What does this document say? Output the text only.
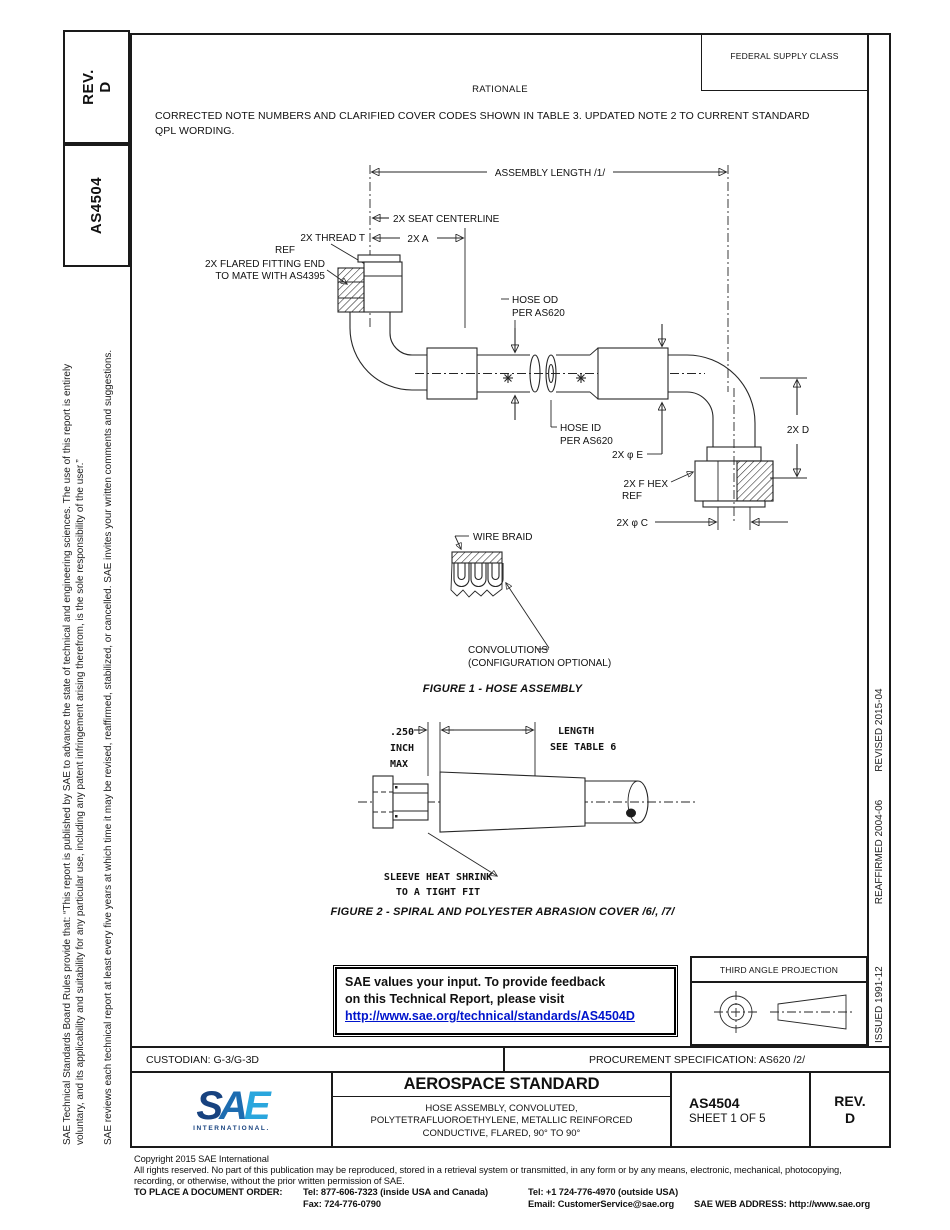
REV.
D
AS4504
SAE Technical Standards Board Rules provide that: “This report is published by SAE to advance the state of technical and engineering sciences. The use of this report is entirely voluntary, and its applicability and suitability for any particular use, including any patent infringement arising therefrom, is the sole responsibility of the user.” SAE reviews each technical report at least every five years at which time it may be revised, reaffirmed, stabilized, or cancelled. SAE invites your written comments and suggestions.	ISSUED 1991-12REAFFIRMED 2004-06REVISED 2015-04
FEDERAL SUPPLY CLASS
RATIONALE
CORRECTED NOTE NUMBERS AND CLARIFIED COVER CODES SHOWN IN TABLE 3. UPDATED NOTE 2 TO CURRENT STANDARD QPL WORDING.
ASSEMBLY LENGTH /1/
2X SEAT CENTERLINE
2X A
2X THREAD T
REF
2X FLARED FITTING END
TO MATE WITH AS4395
HOSE OD
PER AS620
HOSE ID
PER AS620
2X D
2X φ E
2X F HEX
REF
2X φ C
WIRE BRAID
CONVOLUTIONS
(CONFIGURATION OPTIONAL)
FIGURE 1 - HOSE ASSEMBLY
.250
INCH
MAX
LENGTH
SEE TABLE 6
SLEEVE HEAT SHRINK
TO A TIGHT FIT
FIGURE 2 - SPIRAL AND POLYESTER ABRASION COVER /6/, /7/
SAE values your input. To provide feedback
on this Technical Report, please visit
http://www.sae.org/technical/standards/AS4504D
THIRD ANGLE PROJECTION
CUSTODIAN: G-3/G-3D	PROCUREMENT SPECIFICATION: AS620 /2/
SAE
INTERNATIONAL.
AEROSPACE STANDARD
HOSE ASSEMBLY, CONVOLUTED,
POLYTETRAFLUOROETHYLENE, METALLIC REINFORCED
CONDUCTIVE, FLARED, 90° TO 90°
AS4504
SHEET 1 OF 5
REV.
D
Copyright 2015 SAE International
All rights reserved. No part of this publication may be reproduced, stored in a retrieval system or transmitted, in any form or by any means, electronic, mechanical, photocopying,
recording, or otherwise, without the prior written permission of SAE.
TO PLACE A DOCUMENT ORDER: Tel: 877-606-7323 (inside USA and Canada)	Tel: +1 724-776-4970 (outside USA)
Fax: 724-776-0790	Email: CustomerService@sae.org SAE WEB ADDRESS: http://www.sae.org
